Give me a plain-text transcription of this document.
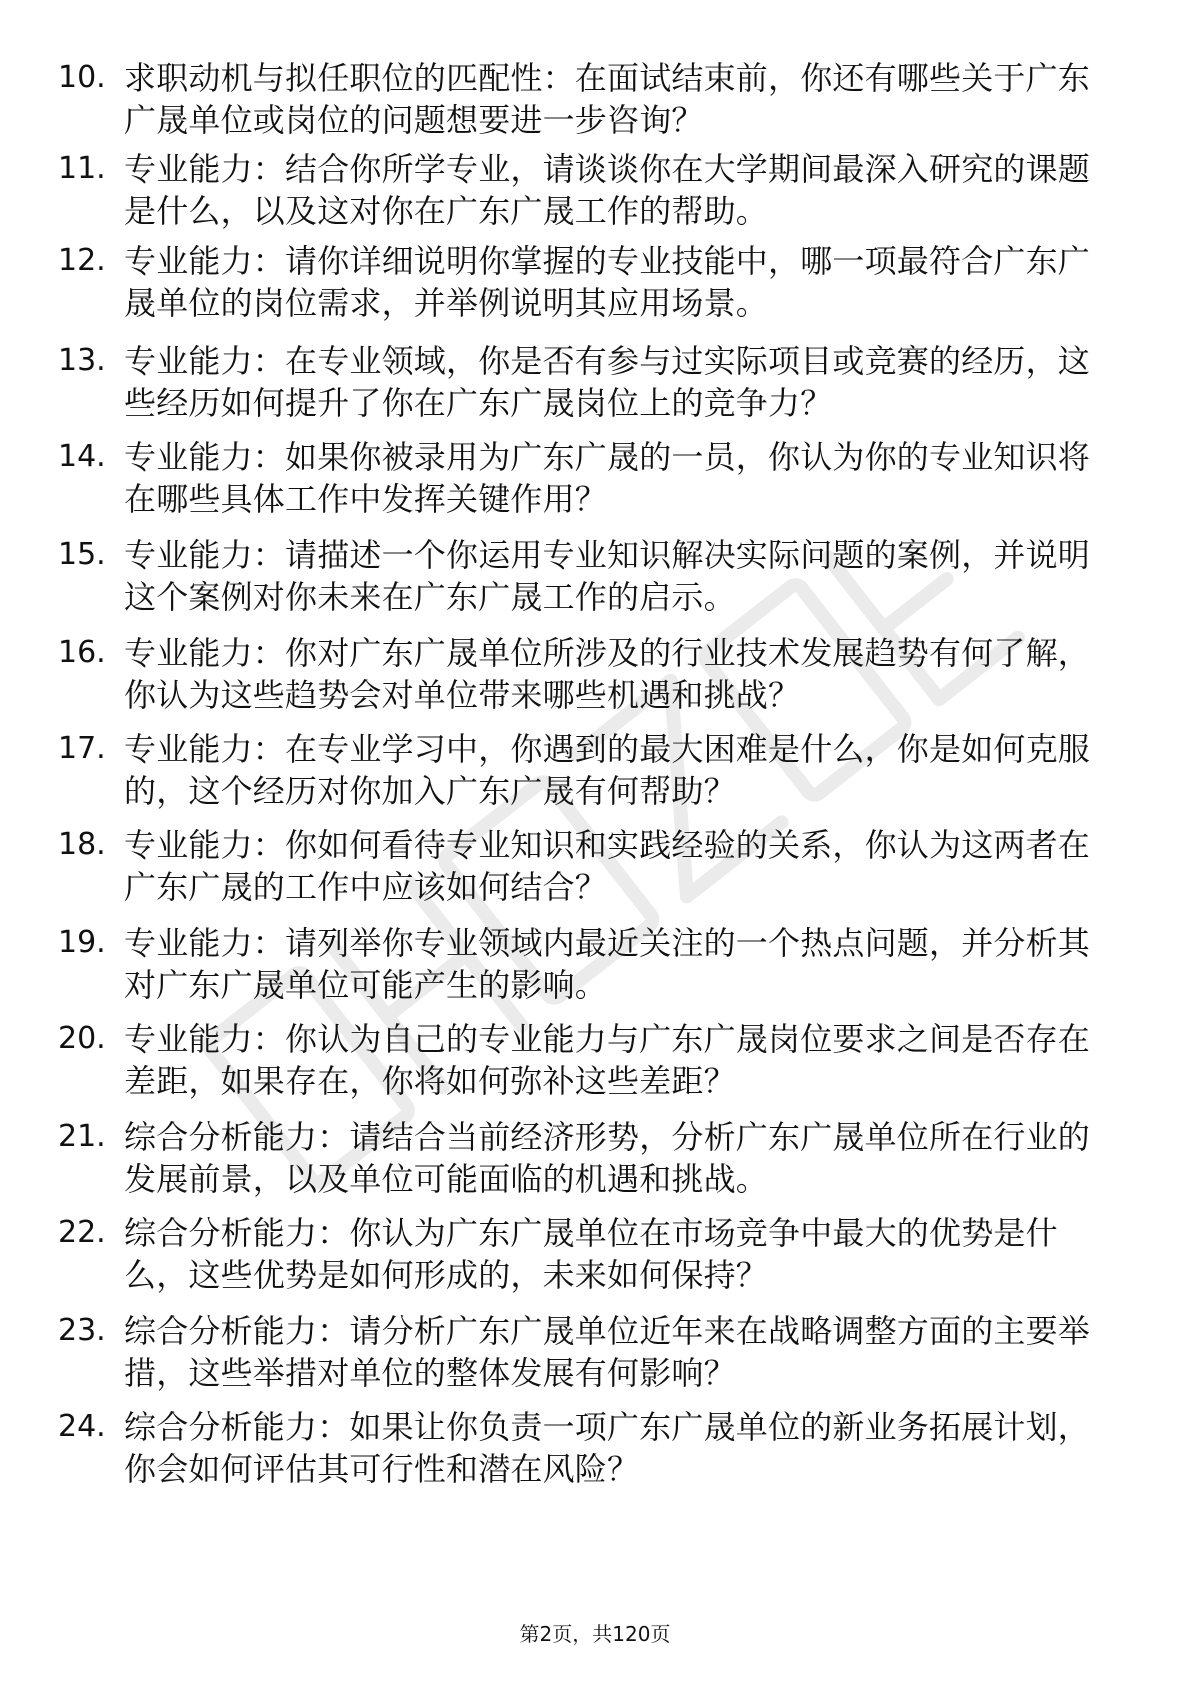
10. 求职动机与拟任职位的匹配性：在面试结束前，你还有哪些关于广东广晟单位或岗位的问题想要进一步咨询？
11. 专业能力：结合你所学专业，请谈谈你在大学期间最深入研究的课题是什么，以及这对你在广东广晟工作的帮助。
12. 专业能力：请你详细说明你掌握的专业技能中，哪一项最符合广东广晟单位的岗位需求，并举例说明其应用场景。
13. 专业能力：在专业领域，你是否有参与过实际项目或竞赛的经历，这些经历如何提升了你在广东广晟岗位上的竞争力？
14. 专业能力：如果你被录用为广东广晟的一员，你认为你的专业知识将在哪些具体工作中发挥关键作用？
15. 专业能力：请描述一个你运用专业知识解决实际问题的案例，并说明这个案例对你未来在广东广晟工作的启示。
16. 专业能力：你对广东广晟单位所涉及的行业技术发展趋势有何了解，你认为这些趋势会对单位带来哪些机遇和挑战？
17. 专业能力：在专业学习中，你遇到的最大困难是什么，你是如何克服的，这个经历对你加入广东广晟有何帮助？
18. 专业能力：你如何看待专业知识和实践经验的关系，你认为这两者在广东广晟的工作中应该如何结合？
19. 专业能力：请列举你专业领域内最近关注的一个热点问题，并分析其对广东广晟单位可能产生的影响。
20. 专业能力：你认为自己的专业能力与广东广晟岗位要求之间是否存在差距，如果存在，你将如何弥补这些差距？
21. 综合分析能力：请结合当前经济形势，分析广东广晟单位所在行业的发展前景，以及单位可能面临的机遇和挑战。
22. 综合分析能力：你认为广东广晟单位在市场竞争中最大的优势是什么，这些优势是如何形成的，未来如何保持？
23. 综合分析能力：请分析广东广晟单位近年来在战略调整方面的主要举措，这些举措对单位的整体发展有何影响？
24. 综合分析能力：如果让你负责一项广东广晟单位的新业务拓展计划，你会如何评估其可行性和潜在风险？
第2页，共120页
